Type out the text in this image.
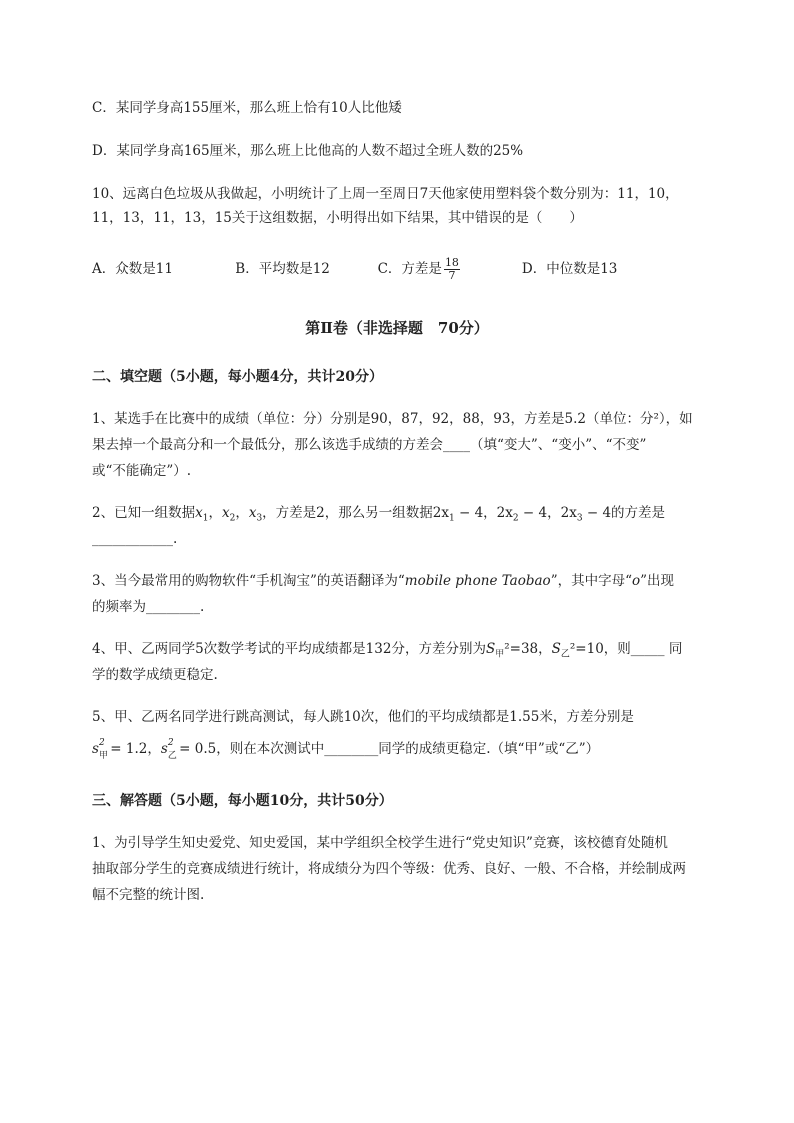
C．某同学身高155厘米，那么班上恰有10人比他矮
D．某同学身高165厘米，那么班上比他高的人数不超过全班人数的25%
10、远离白色垃圾从我做起，小明统计了上周一至周日7天他家使用塑料袋个数分别为：11，10，
11，13，11，13，15关于这组数据，小明得出如下结果，其中错误的是（　　）
A．众数是11	B．平均数是12	C．方差是 $\frac{18}{7}$	D．中位数是13
第Ⅱ卷（非选择题　70分）
二、填空题（5小题，每小题4分，共计20分）
1、某选手在比赛中的成绩（单位：分）分别是90，87，92，88，93，方差是5.2（单位：分²），如
果去掉一个最高分和一个最低分，那么该选手成绩的方差会____（填“变大”、“变小”、“不变”
或“不能确定”）.
2、已知一组数据$x_1$，$x_2$，$x_3$，方差是2，那么另一组数据$2x_1 - 4$，$2x_2 - 4$，$2x_3 - 4$的方差是
____________.
3、当今最常用的购物软件“手机淘宝”的英语翻译为“mobile phone Taobao”，其中字母“o”出现
的频率为________.
4、甲、乙两同学5次数学考试的平均成绩都是132分，方差分别为$S_甲^2=38$，$S_乙^2=10$，则_____ 同
学的数学成绩更稳定.
5、甲、乙两名同学进行跳高测试，每人跳10次，他们的平均成绩都是1.55米，方差分别是
s 2
甲
= 1.2，s 2
乙
= 0.5，则在本次测试中________同学的成绩更稳定.（填“甲”或“乙”）
三、解答题（5小题，每小题10分，共计50分）
1、为引导学生知史爱党、知史爱国，某中学组织全校学生进行“党史知识”竞赛，该校德育处随机
抽取部分学生的竞赛成绩进行统计，将成绩分为四个等级：优秀、良好、一般、不合格，并绘制成两
幅不完整的统计图.
